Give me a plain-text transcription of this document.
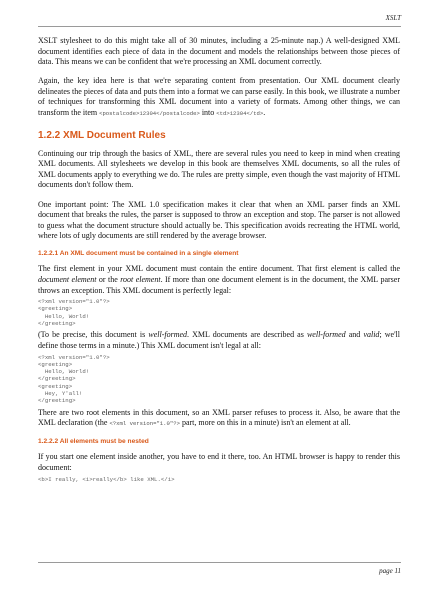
XSLT

XSLT stylesheet to do this might take all of 30 minutes, including a 25-minute nap.) A well-designed XML document identifies each piece of data in the document and models the relationships between those pieces of data. This means we can be confident that we're processing an XML document correctly.

Again, the key idea here is that we're separating content from presentation. Our XML document clearly delineates the pieces of data and puts them into a format we can parse easily. In this book, we illustrate a number of techniques for transforming this XML document into a variety of formats. Among other things, we can transform the item <postalcode>12304</postalcode> into <td>12304</td>.

1.2.2 XML Document Rules

Continuing our trip through the basics of XML, there are several rules you need to keep in mind when creating XML documents. All stylesheets we develop in this book are themselves XML documents, so all the rules of XML documents apply to everything we do. The rules are pretty simple, even though the vast majority of HTML documents don't follow them.

One important point: The XML 1.0 specification makes it clear that when an XML parser finds an XML document that breaks the rules, the parser is supposed to throw an exception and stop. The parser is not allowed to guess what the document structure should actually be. This specification avoids recreating the HTML world, where lots of ugly documents are still rendered by the average browser.

1.2.2.1 An XML document must be contained in a single element

The first element in your XML document must contain the entire document. That first element is called the document element or the root element. If more than one document element is in the document, the XML parser throws an exception. This XML document is perfectly legal:

<?xml version="1.0"?>
<greeting>
Hello, World!
</greeting>

(To be precise, this document is well-formed. XML documents are described as well-formed and valid; we'll define those terms in a minute.) This XML document isn't legal at all:

<?xml version="1.0"?>
<greeting>
Hello, World!
</greeting>
<greeting>
Hey, Y'all!
</greeting>

There are two root elements in this document, so an XML parser refuses to process it. Also, be aware that the XML declaration (the <?xml version="1.0"?> part, more on this in a minute) isn't an element at all.

1.2.2.2 All elements must be nested

If you start one element inside another, you have to end it there, too. An HTML browser is happy to render this document:

<b>I really, <i>really</b> like XML.</i>
page 11
